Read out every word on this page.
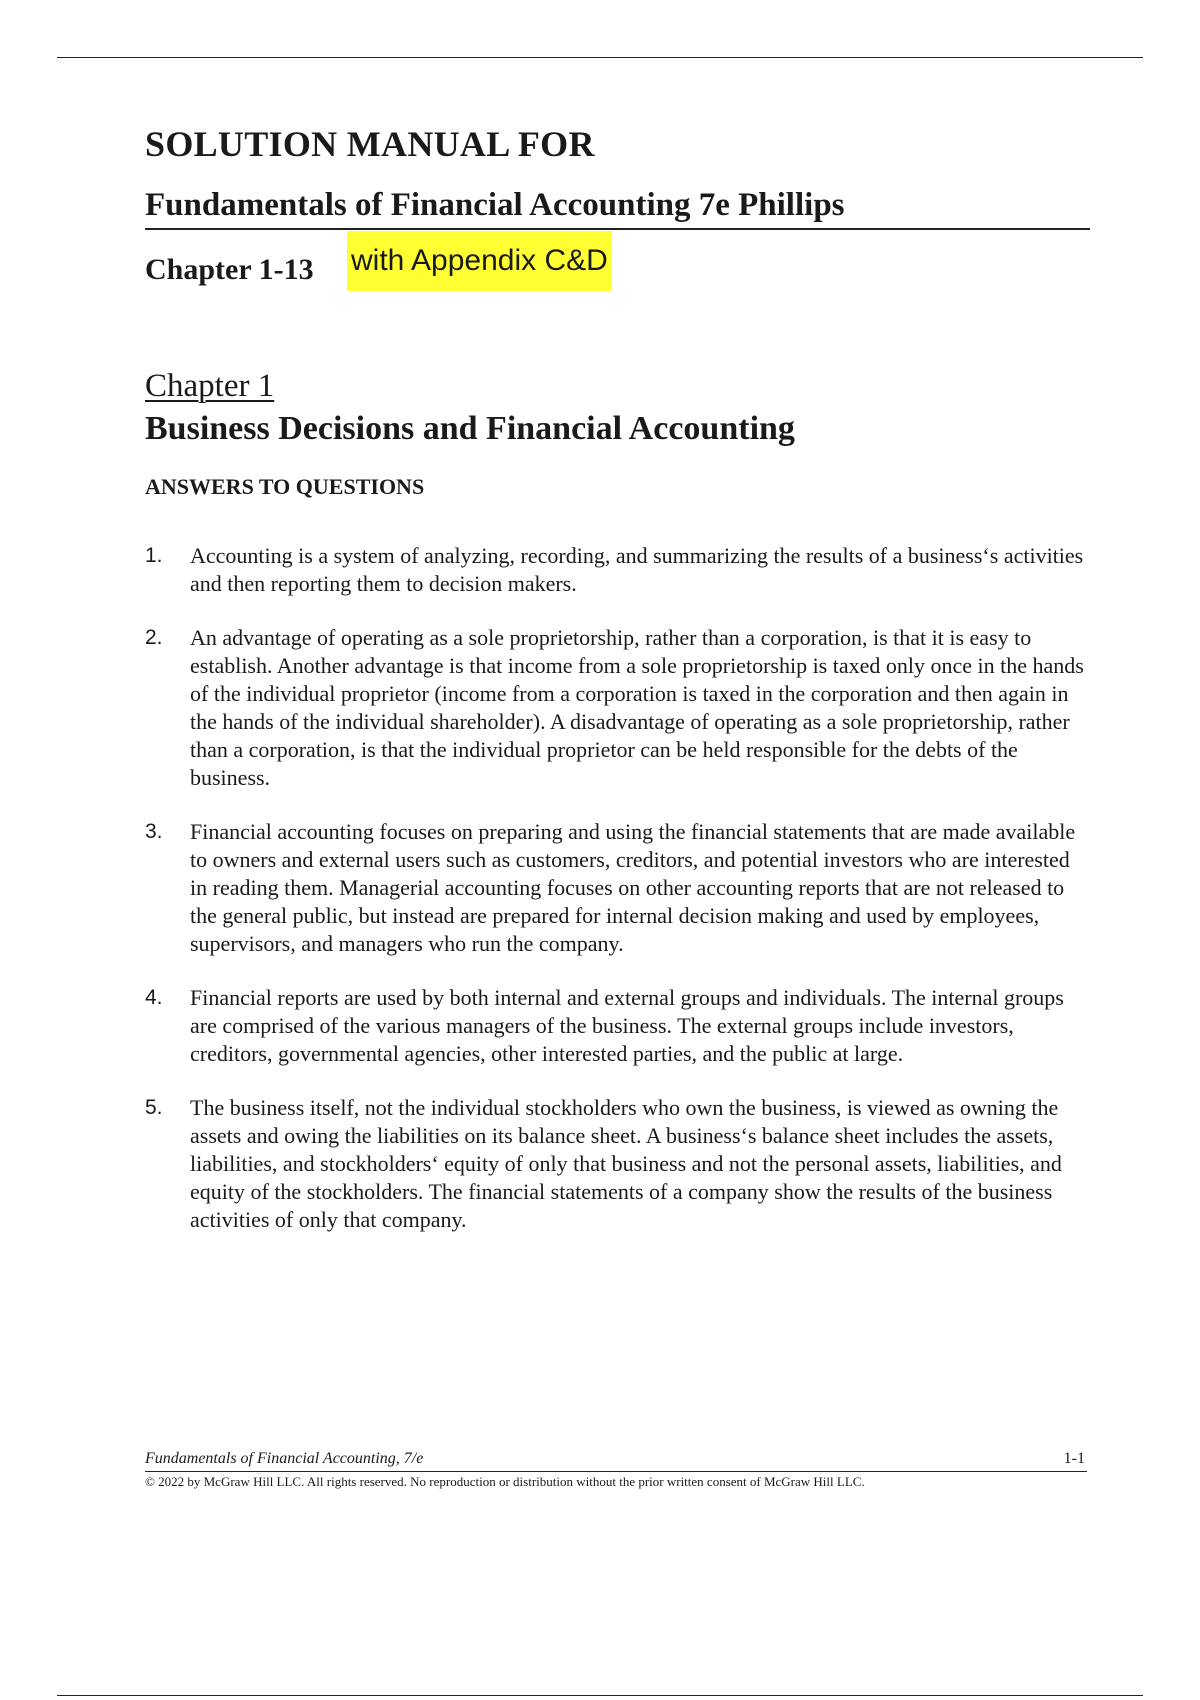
SOLUTION MANUAL FOR
Fundamentals of Financial Accounting 7e Phillips
Chapter 1-13 with Appendix C&D
Chapter 1
Business Decisions and Financial Accounting
ANSWERS TO QUESTIONS
1. Accounting is a system of analyzing, recording, and summarizing the results of a business‘s activities and then reporting them to decision makers.
2. An advantage of operating as a sole proprietorship, rather than a corporation, is that it is easy to establish. Another advantage is that income from a sole proprietorship is taxed only once in the hands of the individual proprietor (income from a corporation is taxed in the corporation and then again in the hands of the individual shareholder). A disadvantage of operating as a sole proprietorship, rather than a corporation, is that the individual proprietor can be held responsible for the debts of the business.
3. Financial accounting focuses on preparing and using the financial statements that are made available to owners and external users such as customers, creditors, and potential investors who are interested in reading them. Managerial accounting focuses on other accounting reports that are not released to the general public, but instead are prepared for internal decision making and used by employees, supervisors, and managers who run the company.
4. Financial reports are used by both internal and external groups and individuals. The internal groups are comprised of the various managers of the business. The external groups include investors, creditors, governmental agencies, other interested parties, and the public at large.
5. The business itself, not the individual stockholders who own the business, is viewed as owning the assets and owing the liabilities on its balance sheet. A business‘s balance sheet includes the assets, liabilities, and stockholders‘ equity of only that business and not the personal assets, liabilities, and equity of the stockholders. The financial statements of a company show the results of the business activities of only that company.
Fundamentals of Financial Accounting, 7/e	1-1
© 2022 by McGraw Hill LLC. All rights reserved. No reproduction or distribution without the prior written consent of McGraw Hill LLC.
